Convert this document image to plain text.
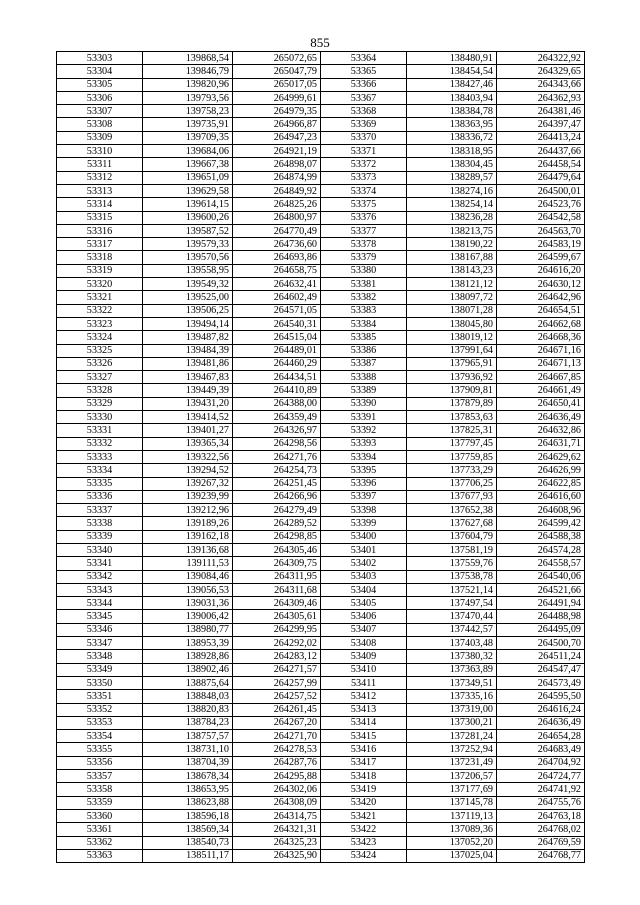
855
53303	139868,54	265072,65	53364	138480,91	264322,92
53304	139846,79	265047,79	53365	138454,54	264329,65
53305	139820,96	265017,05	53366	138427,46	264343,66
53306	139793,56	264999,61	53367	138403,94	264362,93
53307	139758,23	264979,35	53368	138384,78	264381,46
53308	139735,91	264966,87	53369	138363,95	264397,47
53309	139709,35	264947,23	53370	138336,72	264413,24
53310	139684,06	264921,19	53371	138318,95	264437,66
53311	139667,38	264898,07	53372	138304,45	264458,54
53312	139651,09	264874,99	53373	138289,57	264479,64
53313	139629,58	264849,92	53374	138274,16	264500,01
53314	139614,15	264825,26	53375	138254,14	264523,76
53315	139600,26	264800,97	53376	138236,28	264542,58
53316	139587,52	264770,49	53377	138213,75	264563,70
53317	139579,33	264736,60	53378	138190,22	264583,19
53318	139570,56	264693,86	53379	138167,88	264599,67
53319	139558,95	264658,75	53380	138143,23	264616,20
53320	139549,32	264632,41	53381	138121,12	264630,12
53321	139525,00	264602,49	53382	138097,72	264642,96
53322	139506,25	264571,05	53383	138071,28	264654,51
53323	139494,14	264540,31	53384	138045,80	264662,68
53324	139487,82	264515,04	53385	138019,12	264668,36
53325	139484,39	264489,01	53386	137991,64	264671,16
53326	139481,86	264460,29	53387	137965,91	264671,13
53327	139467,83	264434,51	53388	137936,92	264667,85
53328	139449,39	264410,89	53389	137909,81	264661,49
53329	139431,20	264388,00	53390	137879,89	264650,41
53330	139414,52	264359,49	53391	137853,63	264636,49
53331	139401,27	264326,97	53392	137825,31	264632,86
53332	139365,34	264298,56	53393	137797,45	264631,71
53333	139322,56	264271,76	53394	137759,85	264629,62
53334	139294,52	264254,73	53395	137733,29	264626,99
53335	139267,32	264251,45	53396	137706,25	264622,85
53336	139239,99	264266,96	53397	137677,93	264616,60
53337	139212,96	264279,49	53398	137652,38	264608,96
53338	139189,26	264289,52	53399	137627,68	264599,42
53339	139162,18	264298,85	53400	137604,79	264588,38
53340	139136,68	264305,46	53401	137581,19	264574,28
53341	139111,53	264309,75	53402	137559,76	264558,57
53342	139084,46	264311,95	53403	137538,78	264540,06
53343	139056,53	264311,68	53404	137521,14	264521,66
53344	139031,36	264309,46	53405	137497,54	264491,94
53345	139006,42	264305,61	53406	137470,44	264488,98
53346	138980,77	264299,95	53407	137442,57	264495,09
53347	138953,39	264292,02	53408	137403,48	264500,70
53348	138928,86	264283,12	53409	137380,32	264511,24
53349	138902,46	264271,57	53410	137363,89	264547,47
53350	138875,64	264257,99	53411	137349,51	264573,49
53351	138848,03	264257,52	53412	137335,16	264595,50
53352	138820,83	264261,45	53413	137319,00	264616,24
53353	138784,23	264267,20	53414	137300,21	264636,49
53354	138757,57	264271,70	53415	137281,24	264654,28
53355	138731,10	264278,53	53416	137252,94	264683,49
53356	138704,39	264287,76	53417	137231,49	264704,92
53357	138678,34	264295,88	53418	137206,57	264724,77
53358	138653,95	264302,06	53419	137177,69	264741,92
53359	138623,88	264308,09	53420	137145,78	264755,76
53360	138596,18	264314,75	53421	137119,13	264763,18
53361	138569,34	264321,31	53422	137089,36	264768,02
53362	138540,73	264325,23	53423	137052,20	264769,59
53363	138511,17	264325,90	53424	137025,04	264768,77
